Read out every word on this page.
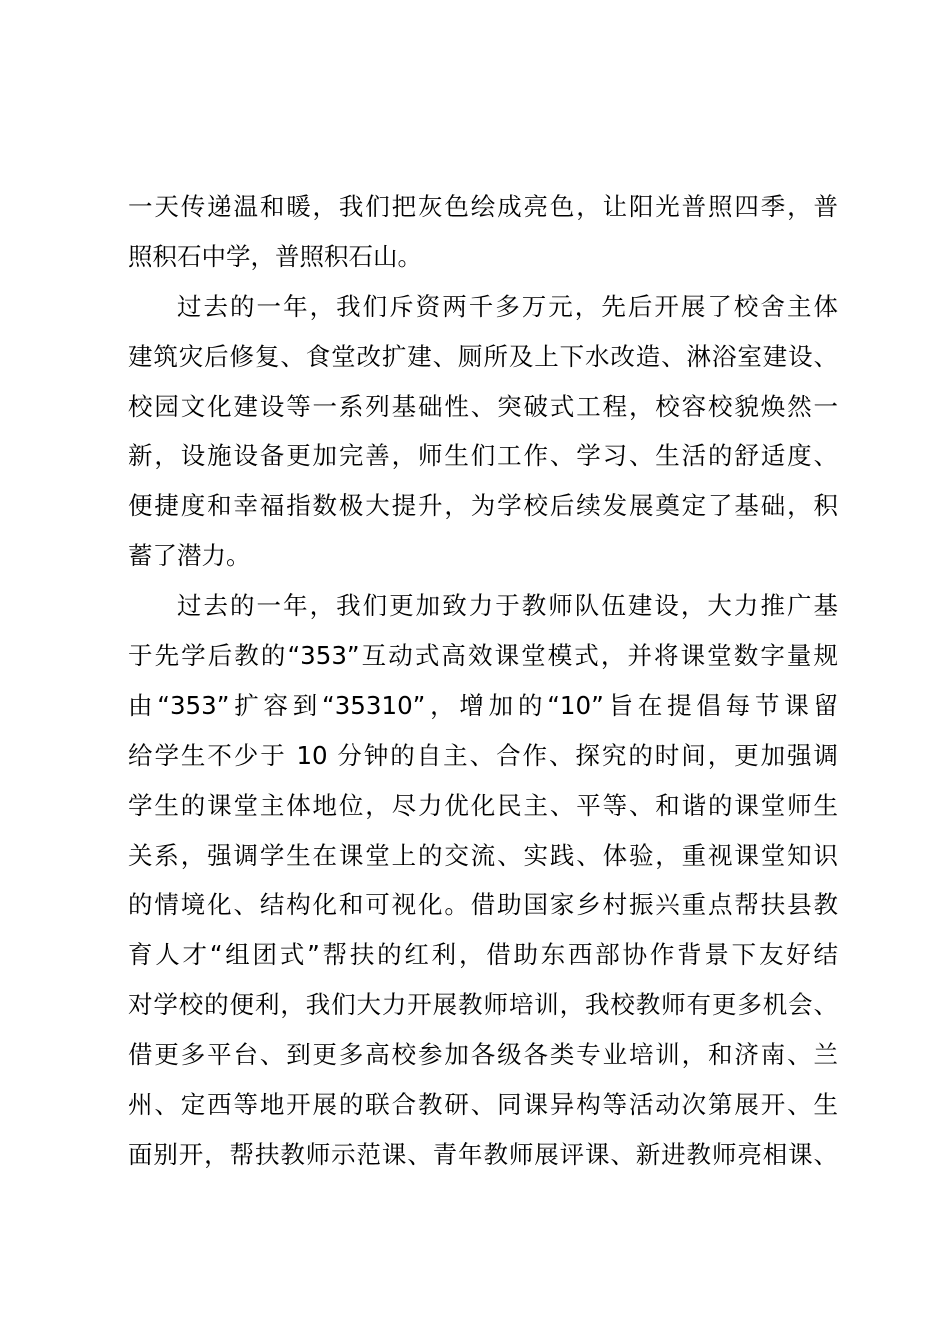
一天传递温和暖，我们把灰色绘成亮色，让阳光普照四季，普
照积石中学，普照积石山。
过去的一年，我们斥资两千多万元，先后开展了校舍主体
建筑灾后修复、食堂改扩建、厕所及上下水改造、淋浴室建设、
校园文化建设等一系列基础性、突破式工程，校容校貌焕然一
新，设施设备更加完善，师生们工作、学习、生活的舒适度、
便捷度和幸福指数极大提升，为学校后续发展奠定了基础，积
蓄了潜力。
过去的一年，我们更加致力于教师队伍建设，大力推广基
于先学后教的“353”互动式高效课堂模式，并将课堂数字量规
由“353”扩容到“35310”，增加的“10”旨在提倡每节课留
给学生不少于 10 分钟的自主、合作、探究的时间，更加强调
学生的课堂主体地位，尽力优化民主、平等、和谐的课堂师生
关系，强调学生在课堂上的交流、实践、体验，重视课堂知识
的情境化、结构化和可视化。借助国家乡村振兴重点帮扶县教
育人才“组团式”帮扶的红利，借助东西部协作背景下友好结
对学校的便利，我们大力开展教师培训，我校教师有更多机会、
借更多平台、到更多高校参加各级各类专业培训，和济南、兰
州、定西等地开展的联合教研、同课异构等活动次第展开、生
面别开，帮扶教师示范课、青年教师展评课、新进教师亮相课、
